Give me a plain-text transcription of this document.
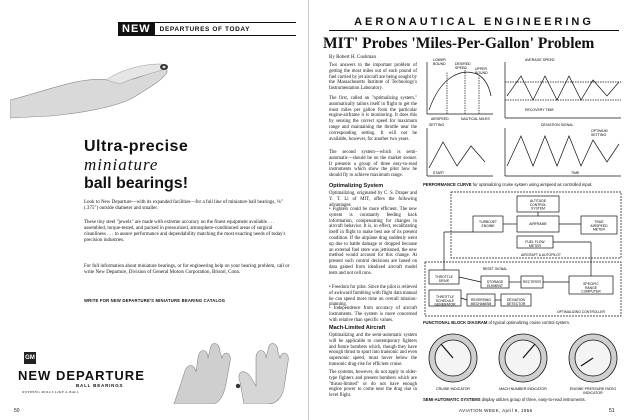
NEW	DEPARTURES OF TODAY
Ultra-precise
miniature
ball bearings!
Look to New Departure—with its expanded facilities—for a full line of miniature ball bearings, ⅛" (.375") outside diameter and smaller.
These tiny steel "jewels" are made with extreme accuracy on the finest equipment available . . . assembled, torque-tested, and packed in pressurized, atmosphere-conditioned areas of surgical cleanliness . . . to assure performance and dependability matching the most exacting needs of today's precision industries.
For full information about miniature bearings, or for engineering help on your bearing problem, call or write New Departure, Division of General Motors Corporation, Bristol, Conn.
WRITE FOR NEW DEPARTURE'S MINIATURE BEARING CATALOG
GM
NEW DEPARTURE
BALL BEARINGS
NOTHING ROLLS LIKE A BALL
50
AERONAUTICAL ENGINEERING
MIT' Probes 'Miles-Per-Gallon' Problem
By Robert H. Cushman
Two answers to the important problem of getting the most miles out of each pound of fuel carried by jet aircraft are being sought by the Massachusetts Institute of Technology's Instrumentation Laboratory.
The first, called an "optimalizing system," automatically tailors itself in flight to get the most miles per gallon from the particular engine-airframe it is monitoring. It does this by sensing the correct speed for maximum range and maintaining the throttle near the corresponding setting. It will not be available, however, for another two years.
The second system—which is semi-automatic—should be on the market sooner. It presents a group of three easy-to-read instruments which show the pilot how he should fly to achieve maximum range.
Optimalizing System
Optimalizing, originated by C. S. Draper and Y. T. Li of MIT, offers the following advantages:
• Fighters could be more efficient. The new system is constantly feeding back information, compensating for changes in aircraft behavior. It is, in effect, recalibrating itself in flight to make best use of its present condition. If the airplane drag suddenly went up due to battle damage or dropped because an external fuel store was jettisoned, the new method would account for this change. At present such control decisions are based on data gained from idealized aircraft model tests and not cell runs.
• Freedom for pilot. Since the pilot is relieved of awkward fumbling with flight data manual he can spend more time on overall mission-planning.
• Independence from accuracy of aircraft instruments. The system is more concerned with relative than specific values.
Mach-Limited Aircraft
Optimalizing and the semi-automatic system will be applicable to contemporary fighters and future bombers which, though they have enough thrust to spurt into transonic and even supersonic speed, must hover below the transonic drag-rise for efficient cruise.
The systems, however, do not apply to older-type fighters and present bombers which are "thrust-limited" or do not have enough engine power to come near the drag rise in level flight.
LOWER BOUND	DESIRED SPEED	UPPER BOUND
AIRSPEED	NAUTICAL MILES
AVERAGE SPEED
RECOVERY TIME
DEVIATION SIGNAL
SETTING
TIME
START
OPTIMUM SETTING
PERFORMANCE CURVE for optimalizing cruise system using airspeed as controlled input.
ALTITUDE CONTROL SYSTEM
TURBOJET ENGINE	AIRFRAME	TRUE AIRSPEED METER
FUEL FLOW METER
AIRCRAFT & AUTOPILOT
THROTTLE DRIVE
RESET SIGNAL
STORAGE ELEMENT
RECTIFIER	SPECIFIC RANGE COMPUTER
THROTTLE SCHEDULE GENERATOR
REVERSING MECHANISM
DEVIATION DETECTOR
OPTIMALIZING CONTROLLER
FUNCTIONAL BLOCK DIAGRAM of typical optimalizing cruise control system.
CRUISE INDICATOR	MACH NUMBER INDICATOR	ENGINE PRESSURE RATIO INDICATOR
SEMI-AUTOMATIC SYSTEMS display utilizes group of three, easy-to-read instruments.
AVIATION WEEK, April 9, 1956	51
